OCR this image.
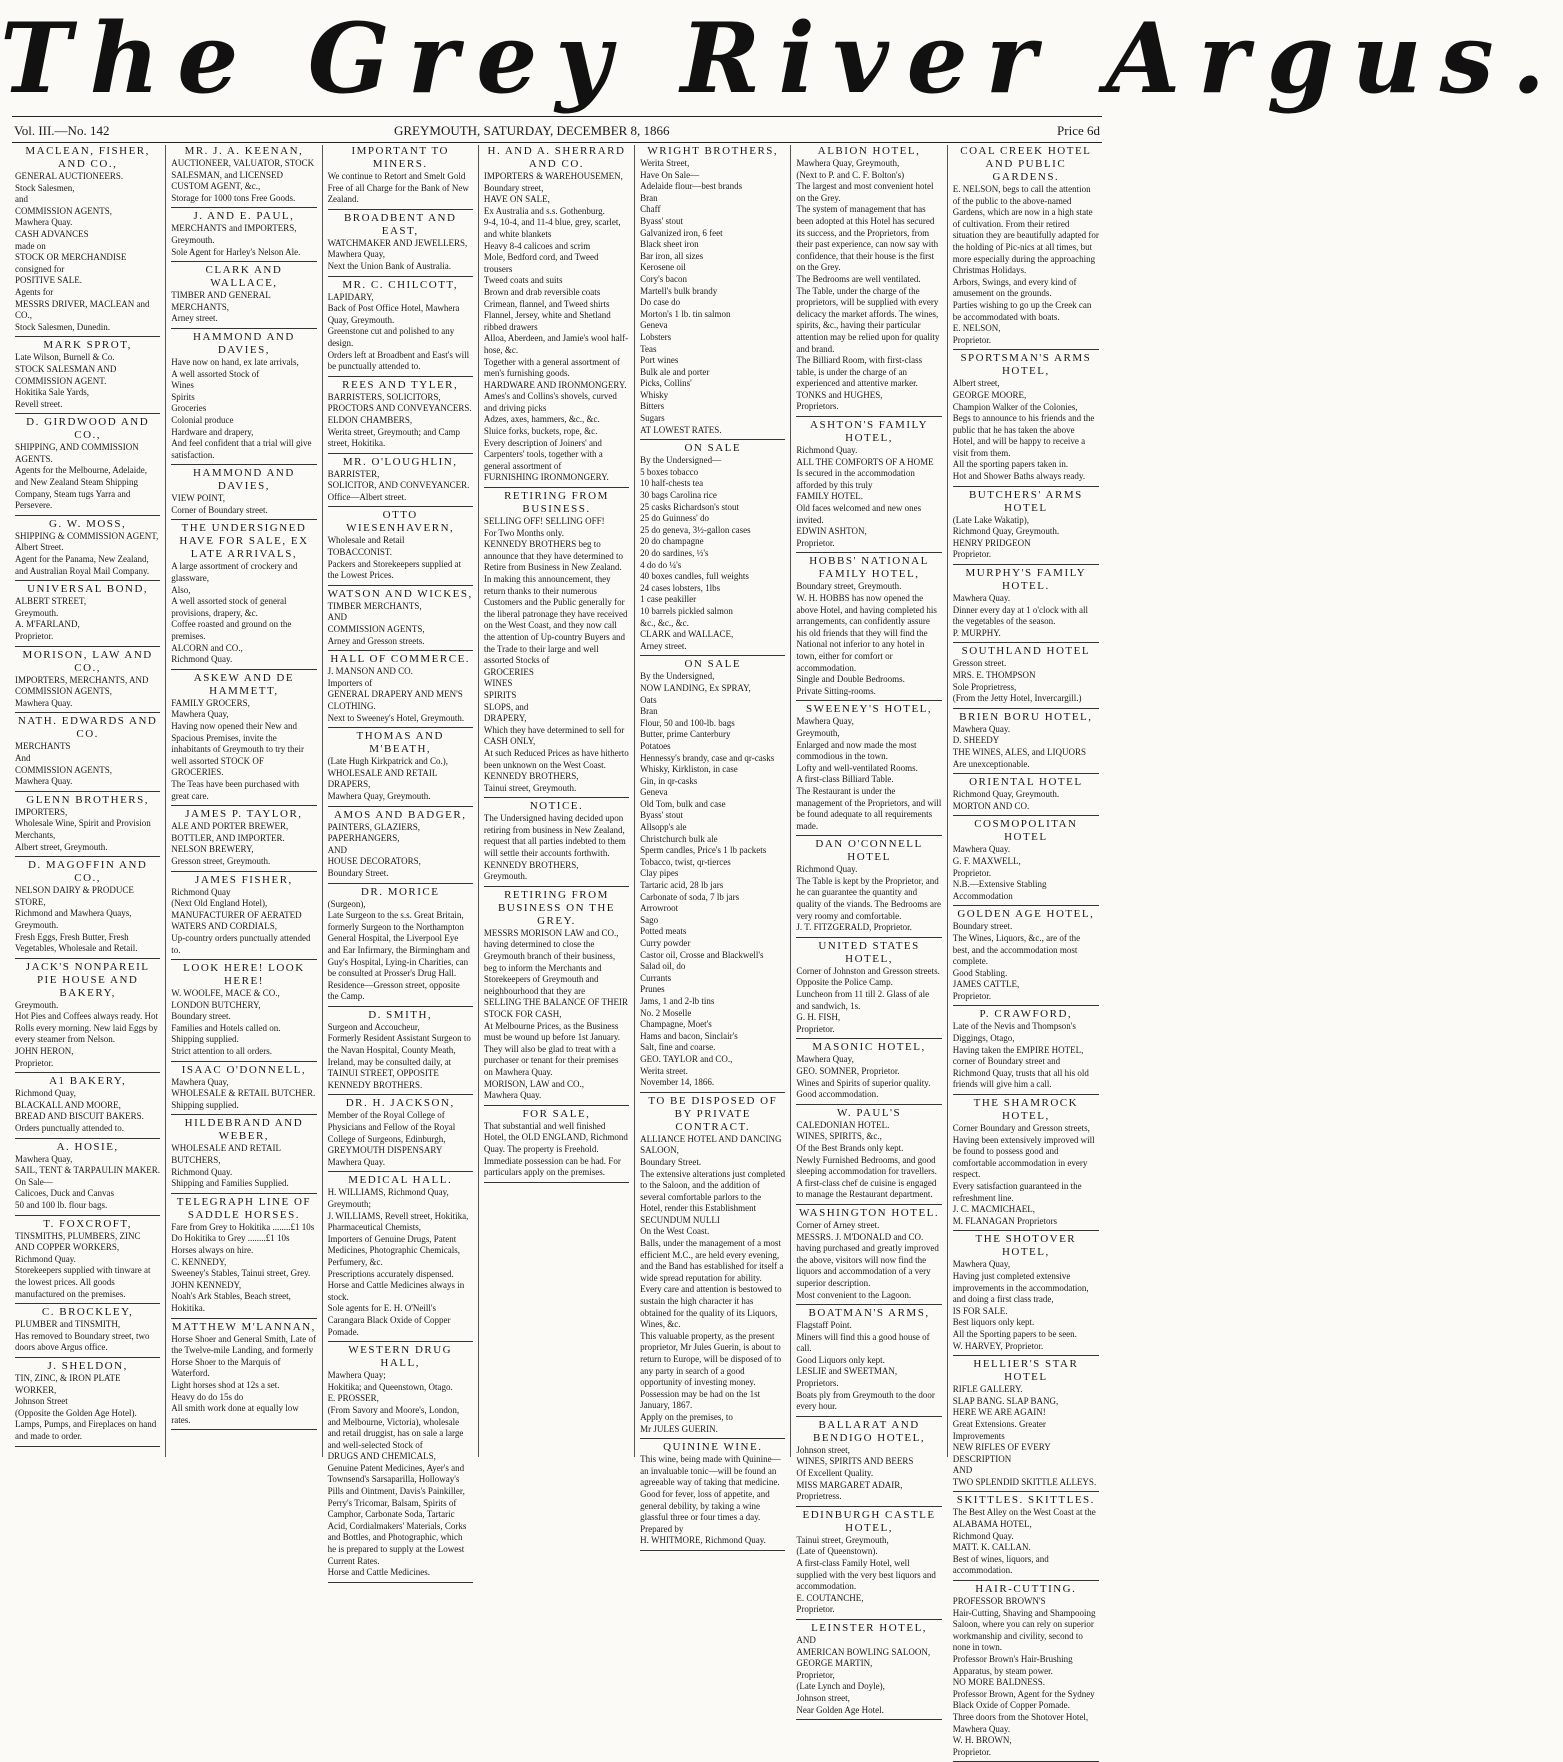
The Grey River Argus.
Vol. III.—No. 142	GREYMOUTH, SATURDAY, DECEMBER 8, 1866	Price 6d

MACLEAN, FISHER, AND CO.,

GENERAL AUCTIONEERS.
Stock Salesmen,
and
COMMISSION AGENTS,
Mawhera Quay.
CASH ADVANCES
made on
STOCK OR MERCHANDISE
consigned for
POSITIVE SALE.
Agents for
MESSRS DRIVER, MACLEAN and CO.,
Stock Salesmen, Dunedin.

MARK SPROT,

Late Wilson, Burnell & Co.
STOCK SALESMAN AND COMMISSION AGENT.
Hokitika Sale Yards,
Revell street.

D. GIRDWOOD AND CO.,

SHIPPING, AND COMMISSION AGENTS.
Agents for the Melbourne, Adelaide, and New Zealand Steam Shipping Company, Steam tugs Yarra and Persevere.

G. W. MOSS,

SHIPPING & COMMISSION AGENT,
Albert Street.
Agent for the Panama, New Zealand, and Australian Royal Mail Company.

UNIVERSAL BOND,

ALBERT STREET,
Greymouth.
A. M'FARLAND,
Proprietor.

MORISON, LAW AND CO.,

IMPORTERS, MERCHANTS, AND COMMISSION AGENTS,
Mawhera Quay.

NATH. EDWARDS AND CO.

MERCHANTS
And
COMMISSION AGENTS,
Mawhera Quay.

GLENN BROTHERS,

IMPORTERS,
Wholesale Wine, Spirit and Provision Merchants,
Albert street, Greymouth.

D. MAGOFFIN AND CO.,

NELSON DAIRY & PRODUCE STORE,
Richmond and Mawhera Quays, Greymouth.
Fresh Eggs, Fresh Butter, Fresh Vegetables, Wholesale and Retail.

JACK'S NONPAREIL PIE HOUSE AND BAKERY,

Greymouth.
Hot Pies and Coffees always ready. Hot Rolls every morning. New laid Eggs by every steamer from Nelson.
JOHN HERON,
Proprietor.

A1 BAKERY,

Richmond Quay,
BLACKALL AND MOORE,
BREAD AND BISCUIT BAKERS.
Orders punctually attended to.

A. HOSIE,

Mawhera Quay,
SAIL, TENT & TARPAULIN MAKER.
On Sale—
Calicoes, Duck and Canvas
50 and 100 lb. flour bags.

T. FOXCROFT,

TINSMITHS, PLUMBERS, ZINC AND COPPER WORKERS,
Richmond Quay.
Storekeepers supplied with tinware at the lowest prices. All goods manufactured on the premises.

C. BROCKLEY,

PLUMBER and TINSMITH,
Has removed to Boundary street, two doors above Argus office.

J. SHELDON,

TIN, ZINC, & IRON PLATE WORKER,
Johnson Street
(Opposite the Golden Age Hotel).
Lamps, Pumps, and Fireplaces on hand and made to order.

MR. J. A. KEENAN,

AUCTIONEER, VALUATOR, STOCK SALESMAN, and LICENSED CUSTOM AGENT, &c.,
Storage for 1000 tons Free Goods.

J. AND E. PAUL,

MERCHANTS and IMPORTERS,
Greymouth.
Sole Agent for Harley's Nelson Ale.

CLARK AND WALLACE,

TIMBER AND GENERAL MERCHANTS,
Arney street.

HAMMOND AND DAVIES,

Have now on hand, ex late arrivals,
A well assorted Stock of
Wines
Spirits
Groceries
Colonial produce
Hardware and drapery,
And feel confident that a trial will give satisfaction.

HAMMOND AND DAVIES,

VIEW POINT,
Corner of Boundary street.

THE UNDERSIGNED HAVE FOR SALE, EX LATE ARRIVALS,

A large assortment of crockery and glassware,
Also,
A well assorted stock of general provisions, drapery, &c.
Coffee roasted and ground on the premises.
ALCORN and CO.,
Richmond Quay.

ASKEW AND DE HAMMETT,

FAMILY GROCERS,
Mawhera Quay,
Having now opened their New and Spacious Premises, invite the inhabitants of Greymouth to try their well assorted STOCK OF GROCERIES.
The Teas have been purchased with great care.

JAMES P. TAYLOR,

ALE AND PORTER BREWER,
BOTTLER, AND IMPORTER.
NELSON BREWERY,
Gresson street, Greymouth.

JAMES FISHER,

Richmond Quay
(Next Old England Hotel),
MANUFACTURER OF AERATED WATERS AND CORDIALS,
Up-country orders punctually attended to.

LOOK HERE! LOOK HERE!

W. WOOLFE, MACE & CO.,
LONDON BUTCHERY,
Boundary street.
Families and Hotels called on.
Shipping supplied.
Strict attention to all orders.

ISAAC O'DONNELL,

Mawhera Quay,
WHOLESALE & RETAIL BUTCHER.
Shipping supplied.

HILDEBRAND AND WEBER,

WHOLESALE AND RETAIL BUTCHERS,
Richmond Quay.
Shipping and Families Supplied.

TELEGRAPH LINE OF SADDLE HORSES.

Fare from Grey to Hokitika ........£1 10s
Do Hokitika to Grey ........£1 10s
Horses always on hire.
C. KENNEDY,
Sweeney's Stables, Tainui street, Grey.
JOHN KENNEDY,
Noah's Ark Stables, Beach street, Hokitika.

MATTHEW M'LANNAN,

Horse Shoer and General Smith, Late of the Twelve-mile Landing, and formerly Horse Shoer to the Marquis of Waterford.
Light horses shod at 12s a set.
Heavy do do 15s do
All smith work done at equally low rates.

IMPORTANT TO MINERS.

We continue to Retort and Smelt Gold Free of all Charge for the Bank of New Zealand.

BROADBENT AND EAST,

WATCHMAKER AND JEWELLERS,
Mawhera Quay,
Next the Union Bank of Australia.

MR. C. CHILCOTT,

LAPIDARY,
Back of Post Office Hotel, Mawhera Quay, Greymouth.
Greenstone cut and polished to any design.
Orders left at Broadbent and East's will be punctually attended to.

REES AND TYLER,

BARRISTERS, SOLICITORS, PROCTORS AND CONVEYANCERS.
ELDON CHAMBERS,
Werita street, Greymouth; and Camp street, Hokitika.

MR. O'LOUGHLIN,

BARRISTER,
SOLICITOR, AND CONVEYANCER.
Office—Albert street.

OTTO WIESENHAVERN,

Wholesale and Retail
TOBACCONIST.
Packers and Storekeepers supplied at the Lowest Prices.

WATSON AND WICKES,

TIMBER MERCHANTS,
AND
COMMISSION AGENTS,
Arney and Gresson streets.

HALL OF COMMERCE.

J. MANSON AND CO.
Importers of
GENERAL DRAPERY AND MEN'S CLOTHING.
Next to Sweeney's Hotel, Greymouth.

THOMAS AND M'BEATH,

(Late Hugh Kirkpatrick and Co.),
WHOLESALE AND RETAIL DRAPERS,
Mawhera Quay, Greymouth.

AMOS AND BADGER,

PAINTERS, GLAZIERS,
PAPERHANGERS,
AND
HOUSE DECORATORS,
Boundary Street.

DR. MORICE

(Surgeon),
Late Surgeon to the s.s. Great Britain, formerly Surgeon to the Northampton General Hospital, the Liverpool Eye and Ear Infirmary, the Birmingham and Guy's Hospital, Lying-in Charities, can be consulted at Prosser's Drug Hall. Residence—Gresson street, opposite the Camp.

D. SMITH,

Surgeon and Accoucheur,
Formerly Resident Assistant Surgeon to the Navan Hospital, County Meath, Ireland, may be consulted daily, at
TAINUI STREET, OPPOSITE KENNEDY BROTHERS.

DR. H. JACKSON,

Member of the Royal College of Physicians and Fellow of the Royal College of Surgeons, Edinburgh,
GREYMOUTH DISPENSARY
Mawhera Quay.

MEDICAL HALL.

H. WILLIAMS, Richmond Quay, Greymouth;
J. WILLIAMS, Revell street, Hokitika,
Pharmaceutical Chemists,
Importers of Genuine Drugs, Patent Medicines, Photographic Chemicals, Perfumery, &c.
Prescriptions accurately dispensed.
Horse and Cattle Medicines always in stock.
Sole agents for E. H. O'Neill's Carangara Black Oxide of Copper Pomade.

WESTERN DRUG HALL,

Mawhera Quay;
Hokitika; and Queenstown, Otago.
E. PROSSER,
(From Savory and Moore's, London, and Melbourne, Victoria), wholesale and retail druggist, has on sale a large and well-selected Stock of
DRUGS AND CHEMICALS,
Genuine Patent Medicines, Ayer's and Townsend's Sarsaparilla, Holloway's Pills and Ointment, Davis's Painkiller, Perry's Tricomar, Balsam, Spirits of Camphor, Carbonate Soda, Tartaric Acid, Cordialmakers' Materials, Corks and Bottles, and Photographic, which he is prepared to supply at the Lowest Current Rates.
Horse and Cattle Medicines.

H. AND A. SHERRARD AND CO.

IMPORTERS & WAREHOUSEMEN,
Boundary street,
HAVE ON SALE,
Ex Australia and s.s. Gothenburg.
9-4, 10-4, and 11-4 blue, grey, scarlet, and white blankets
Heavy 8-4 calicoes and scrim
Mole, Bedford cord, and Tweed trousers
Tweed coats and suits
Brown and drab reversible coats
Crimean, flannel, and Tweed shirts
Flannel, Jersey, white and Shetland ribbed drawers
Alloa, Aberdeen, and Jamie's wool half-hose, &c.
Together with a general assortment of men's furnishing goods.
HARDWARE AND IRONMONGERY.
Ames's and Collins's shovels, curved and driving picks
Adzes, axes, hammers, &c., &c.
Sluice forks, buckets, rope, &c.
Every description of Joiners' and Carpenters' tools, together with a general assortment of
FURNISHING IRONMONGERY.

RETIRING FROM BUSINESS.

SELLING OFF! SELLING OFF!
For Two Months only.
KENNEDY BROTHERS beg to announce that they have determined to Retire from Business in New Zealand. In making this announcement, they return thanks to their numerous Customers and the Public generally for the liberal patronage they have received on the West Coast, and they now call the attention of Up-country Buyers and the Trade to their large and well assorted Stocks of
GROCERIES
WINES
SPIRITS
SLOPS, and
DRAPERY,
Which they have determined to sell for CASH ONLY,
At such Reduced Prices as have hitherto been unknown on the West Coast.
KENNEDY BROTHERS,
Tainui street, Greymouth.

NOTICE.

The Undersigned having decided upon retiring from business in New Zealand, request that all parties indebted to them will settle their accounts forthwith.
KENNEDY BROTHERS,
Greymouth.

RETIRING FROM BUSINESS ON THE GREY.

MESSRS MORISON LAW and CO., having determined to close the Greymouth branch of their business, beg to inform the Merchants and Storekeepers of Greymouth and neighbourhood that they are
SELLING THE BALANCE OF THEIR STOCK FOR CASH,
At Melbourne Prices, as the Business must be wound up before 1st January.
They will also be glad to treat with a purchaser or tenant for their premises on Mawhera Quay.
MORISON, LAW and CO.,
Mawhera Quay.

FOR SALE,

That substantial and well finished Hotel, the OLD ENGLAND, Richmond Quay. The property is Freehold. Immediate possession can be had. For particulars apply on the premises.

WRIGHT BROTHERS,

Werita Street,
Have On Sale—
Adelaide flour—best brands
Bran
Chaff
Byass' stout
Galvanized iron, 6 feet
Black sheet iron
Bar iron, all sizes
Kerosene oil
Cory's bacon
Martell's bulk brandy
Do case do
Morton's 1 lb. tin salmon
Geneva
Lobsters
Teas
Port wines
Bulk ale and porter
Picks, Collins'
Whisky
Bitters
Sugars
AT LOWEST RATES.

ON SALE

By the Undersigned—
5 boxes tobacco
10 half-chests tea
30 bags Carolina rice
25 casks Richardson's stout
25 do Guinness' do
25 do geneva, 3½-gallon cases
20 do champagne
20 do sardines, ½'s
4 do do ¼'s
40 boxes candles, full weights
24 cases lobsters, 1lbs
1 case peakiller
10 barrels pickled salmon
&c., &c., &c.
CLARK and WALLACE,
Arney street.

ON SALE

By the Undersigned,
NOW LANDING, Ex SPRAY,
Oats
Bran
Flour, 50 and 100-lb. bags
Butter, prime Canterbury
Potatoes
Hennessy's brandy, case and qr-casks
Whisky, Kirkliston, in case
Gin, in qr-casks
Geneva
Old Tom, bulk and case
Byass' stout
Allsopp's ale
Christchurch bulk ale
Sperm candles, Price's 1 lb packets
Tobacco, twist, qr-tierces
Clay pipes
Tartaric acid, 28 lb jars
Carbonate of soda, 7 lb jars
Arrowroot
Sago
Potted meats
Curry powder
Castor oil, Crosse and Blackwell's
Salad oil, do
Currants
Prunes
Jams, 1 and 2-lb tins
No. 2 Moselle
Champagne, Moet's
Hams and bacon, Sinclair's
Salt, fine and coarse.
GEO. TAYLOR and CO.,
Werita street.
November 14, 1866.

TO BE DISPOSED OF BY PRIVATE CONTRACT.

ALLIANCE HOTEL AND DANCING SALOON,
Boundary Street.
The extensive alterations just completed to the Saloon, and the addition of several comfortable parlors to the Hotel, render this Establishment
SECUNDUM NULLI
On the West Coast.
Balls, under the management of a most efficient M.C., are held every evening, and the Band has established for itself a wide spread reputation for ability.
Every care and attention is bestowed to sustain the high character it has obtained for the quality of its Liquors, Wines, &c.
This valuable property, as the present proprietor, Mr Jules Guerin, is about to return to Europe, will be disposed of to any party in search of a good opportunity of investing money.
Possession may be had on the 1st January, 1867.
Apply on the premises, to
Mr JULES GUERIN.

QUININE WINE.

This wine, being made with Quinine—an invaluable tonic—will be found an agreeable way of taking that medicine. Good for fever, loss of appetite, and general debility, by taking a wine glassful three or four times a day. Prepared by
H. WHITMORE, Richmond Quay.

ALBION HOTEL,

Mawhera Quay, Greymouth,
(Next to P. and C. F. Bolton's)
The largest and most convenient hotel on the Grey.
The system of management that has been adopted at this Hotel has secured its success, and the Proprietors, from their past experience, can now say with confidence, that their house is the first on the Grey.
The Bedrooms are well ventilated.
The Table, under the charge of the proprietors, will be supplied with every delicacy the market affords. The wines, spirits, &c., having their particular attention may be relied upon for quality and brand.
The Billiard Room, with first-class table, is under the charge of an experienced and attentive marker.
TONKS and HUGHES,
Proprietors.

ASHTON'S FAMILY HOTEL,

Richmond Quay.
ALL THE COMFORTS OF A HOME
Is secured in the accommodation afforded by this truly
FAMILY HOTEL.
Old faces welcomed and new ones invited.
EDWIN ASHTON,
Proprietor.

HOBBS' NATIONAL FAMILY HOTEL,

Boundary street, Greymouth.
W. H. HOBBS has now opened the above Hotel, and having completed his arrangements, can confidently assure his old friends that they will find the National not inferior to any hotel in town, either for comfort or accommodation.
Single and Double Bedrooms.
Private Sitting-rooms.

SWEENEY'S HOTEL,

Mawhera Quay,
Greymouth,
Enlarged and now made the most commodious in the town.
Lofty and well-ventilated Rooms.
A first-class Billiard Table.
The Restaurant is under the management of the Proprietors, and will be found adequate to all requirements made.

DAN O'CONNELL HOTEL

Richmond Quay.
The Table is kept by the Proprietor, and he can guarantee the quantity and quality of the viands. The Bedrooms are very roomy and comfortable.
J. T. FITZGERALD, Proprietor.

UNITED STATES HOTEL,

Corner of Johnston and Gresson streets.
Opposite the Police Camp.
Luncheon from 11 till 2. Glass of ale and sandwich, 1s.
G. H. FISH,
Proprietor.

MASONIC HOTEL,

Mawhera Quay,
GEO. SOMNER, Proprietor.
Wines and Spirits of superior quality.
Good accommodation.

W. PAUL'S

CALEDONIAN HOTEL.
WINES, SPIRITS, &c.,
Of the Best Brands only kept.
Newly Furnished Bedrooms, and good sleeping accommodation for travellers.
A first-class chef de cuisine is engaged to manage the Restaurant department.

WASHINGTON HOTEL.

Corner of Arney street.
MESSRS. J. M'DONALD and CO. having purchased and greatly improved the above, visitors will now find the liquors and accommodation of a very superior description.
Most convenient to the Lagoon.

BOATMAN'S ARMS,

Flagstaff Point.
Miners will find this a good house of call.
Good Liquors only kept.
LESLIE and SWEETMAN,
Proprietors.
Boats ply from Greymouth to the door every hour.

BALLARAT AND BENDIGO HOTEL,

Johnson street,
WINES, SPIRITS AND BEERS
Of Excellent Quality.
MISS MARGARET ADAIR,
Proprietress.

EDINBURGH CASTLE HOTEL,

Tainui street, Greymouth,
(Late of Queenstown).
A first-class Family Hotel, well supplied with the very best liquors and accommodation.
E. COUTANCHE,
Proprietor.

LEINSTER HOTEL,

AND
AMERICAN BOWLING SALOON,
GEORGE MARTIN,
Proprietor,
(Late Lynch and Doyle),
Johnson street,
Near Golden Age Hotel.

COAL CREEK HOTEL AND PUBLIC GARDENS.

E. NELSON, begs to call the attention of the public to the above-named Gardens, which are now in a high state of cultivation. From their retired situation they are beautifully adapted for the holding of Pic-nics at all times, but more especially during the approaching Christmas Holidays.
Arbors, Swings, and every kind of amusement on the grounds.
Parties wishing to go up the Creek can be accommodated with boats.
E. NELSON,
Proprietor.

SPORTSMAN'S ARMS HOTEL,

Albert street,
GEORGE MOORE,
Champion Walker of the Colonies,
Begs to announce to his friends and the public that he has taken the above Hotel, and will be happy to receive a visit from them.
All the sporting papers taken in.
Hot and Shower Baths always ready.

BUTCHERS' ARMS HOTEL

(Late Lake Wakatip),
Richmond Quay, Greymouth.
HENRY PRIDGEON
Proprietor.

MURPHY'S FAMILY HOTEL.

Mawhera Quay.
Dinner every day at 1 o'clock with all the vegetables of the season.
P. MURPHY.

SOUTHLAND HOTEL

Gresson street.
MRS. E. THOMPSON
Sole Proprietress,
(From the Jetty Hotel, Invercargill.)

BRIEN BORU HOTEL,

Mawhera Quay.
D. SHEEDY
THE WINES, ALES, and LIQUORS
Are unexceptionable.

ORIENTAL HOTEL

Richmond Quay, Greymouth.
MORTON AND CO.

COSMOPOLITAN HOTEL

Mawhera Quay.
G. F. MAXWELL,
Proprietor.
N.B.—Extensive Stabling Accommodation

GOLDEN AGE HOTEL,

Boundary street.
The Wines, Liquors, &c., are of the best, and the accommodation most complete.
Good Stabling.
JAMES CATTLE,
Proprietor.

P. CRAWFORD,

Late of the Nevis and Thompson's Diggings, Otago,
Having taken the EMPIRE HOTEL, corner of Boundary street and Richmond Quay, trusts that all his old friends will give him a call.

THE SHAMROCK HOTEL,

Corner Boundary and Gresson streets,
Having been extensively improved will be found to possess good and comfortable accommodation in every respect.
Every satisfaction guaranteed in the refreshment line.
J. C. MACMICHAEL,
M. FLANAGAN Proprietors

THE SHOTOVER HOTEL,

Mawhera Quay,
Having just completed extensive improvements in the accommodation, and doing a first class trade,
IS FOR SALE.
Best liquors only kept.
All the Sporting papers to be seen.
W. HARVEY, Proprietor.

HELLIER'S STAR HOTEL

RIFLE GALLERY.
SLAP BANG. SLAP BANG,
HERE WE ARE AGAIN!
Great Extensions. Greater Improvements
NEW RIFLES OF EVERY DESCRIPTION
AND
TWO SPLENDID SKITTLE ALLEYS.

SKITTLES. SKITTLES.

The Best Alley on the West Coast at the
ALABAMA HOTEL,
Richmond Quay.
MATT. K. CALLAN.
Best of wines, liquors, and accommodation.

HAIR-CUTTING.

PROFESSOR BROWN'S
Hair-Cutting, Shaving and Shampooing Saloon, where you can rely on superior workmanship and civility, second to none in town.
Professor Brown's Hair-Brushing Apparatus, by steam power.
NO MORE BALDNESS.
Professor Brown, Agent for the Sydney Black Oxide of Copper Pomade.
Three doors from the Shotover Hotel, Mawhera Quay.
W. H. BROWN,
Proprietor.
